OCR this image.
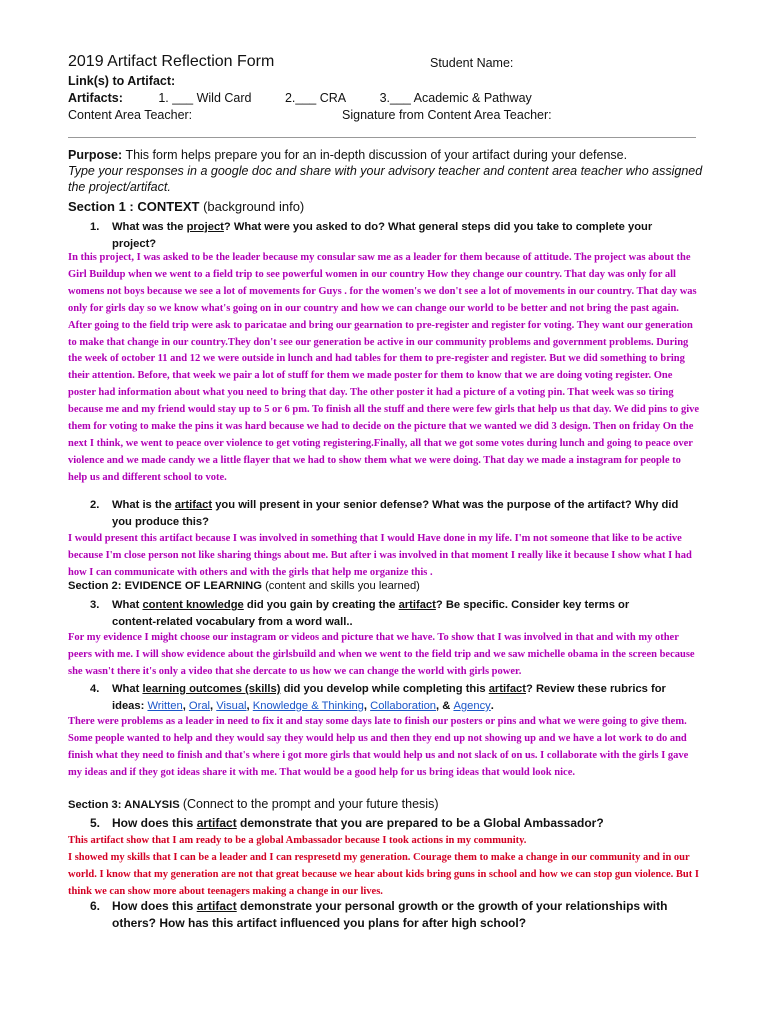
2019 Artifact Reflection Form	Student Name:
Link(s) to Artifact:
Artifacts:	1. ___ Wild Card	2.___ CRA	3.___ Academic & Pathway
Content Area Teacher:	Signature from Content Area Teacher:
Purpose: This form helps prepare you for an in-depth discussion of your artifact during your defense.
Type your responses in a google doc and share with your advisory teacher and content area teacher who assigned the project/artifact.
Section 1 : CONTEXT (background info)
1. What was the project? What were you asked to do? What general steps did you take to complete your project?
In this project, I was asked to be the leader because my consular saw me as a leader for them because of attitude. The project was about the Girl Buildup when we went to a field trip to see powerful women in our country How they change our country. That day was only for all womens not boys because we see a lot of movements for Guys . for the women's we don't see a lot of movements in our country. That day was only for girls day so we know what's going on in our country and how we can change our world to be better and not bring the past again. After going to the field trip were ask to paricatae and bring our gearnation to pre-register and register for voting. They want our generation to make that change in our country.They don't see our generation be active in our community problems and government problems. During the week of october 11 and 12 we were outside in lunch and had tables for them to pre-register and register. But we did something to bring their attention. Before, that week we pair a lot of stuff for them we made poster for them to know that we are doing voting register. One poster had information about what you need to bring that day. The other poster it had a picture of a voting pin. That week was so tiring because me and my friend would stay up to 5 or 6 pm. To finish all the stuff and there were few girls that help us that day. We did pins to give them for voting to make the pins it was hard because we had to decide on the picture that we wanted we did 3 design. Then on friday On the next I think, we went to peace over violence to get voting registering.Finally, all that we got some votes during lunch and going to peace over violence and we made candy we a little flayer that we had to show them what we were doing. That day we made a instagram for people to help us and different school to vote.
2. What is the artifact you will present in your senior defense? What was the purpose of the artifact? Why did you produce this?
I would present this artifact because I was involved in something that I would Have done in my life. I'm not someone that like to be active because I'm close person not like sharing things about me. But after i was involved in that moment I really like it because I show what I had how I can communicate with others and with the girls that help me organize this .
Section 2: EVIDENCE OF LEARNING (content and skills you learned)
3. What content knowledge did you gain by creating the artifact? Be specific. Consider key terms or content-related vocabulary from a word wall..
For my evidence I might choose our instagram or videos and picture that we have. To show that I was involved in that and with my other peers with me. I will show evidence about the girlsbuild and when we went to the field trip and we saw michelle obama in the screen because she wasn't there it's only a video that she dercate to us how we can change the world with girls power.
4. What learning outcomes (skills) did you develop while completing this artifact? Review these rubrics for ideas: Written, Oral, Visual, Knowledge & Thinking, Collaboration, & Agency.
There were problems as a leader in need to fix it and stay some days late to finish our posters or pins and what we were going to give them. Some people wanted to help and they would say they would help us and then they end up not showing up and we have a lot work to do and finish what they need to finish and that's where i got more girls that would help us and not slack of on us. I collaborate with the girls I gave my ideas and if they got ideas share it with me. That would be a good help for us bring ideas that would look nice.
Section 3: ANALYSIS (Connect to the prompt and your future thesis)
5. How does this artifact demonstrate that you are prepared to be a Global Ambassador?
This artifact show that I am ready to be a global Ambassador because I took actions in my community.
I showed my skills that I can be a leader and I can respresetd my generation. Courage them to make a change in our community and in our world. I know that my generation are not that great because we hear about kids bring guns in school and how we can stop gun violence. But I think we can show more about teenagers making a change in our lives.
6. How does this artifact demonstrate your personal growth or the growth of your relationships with others? How has this artifact influenced you plans for after high school?
